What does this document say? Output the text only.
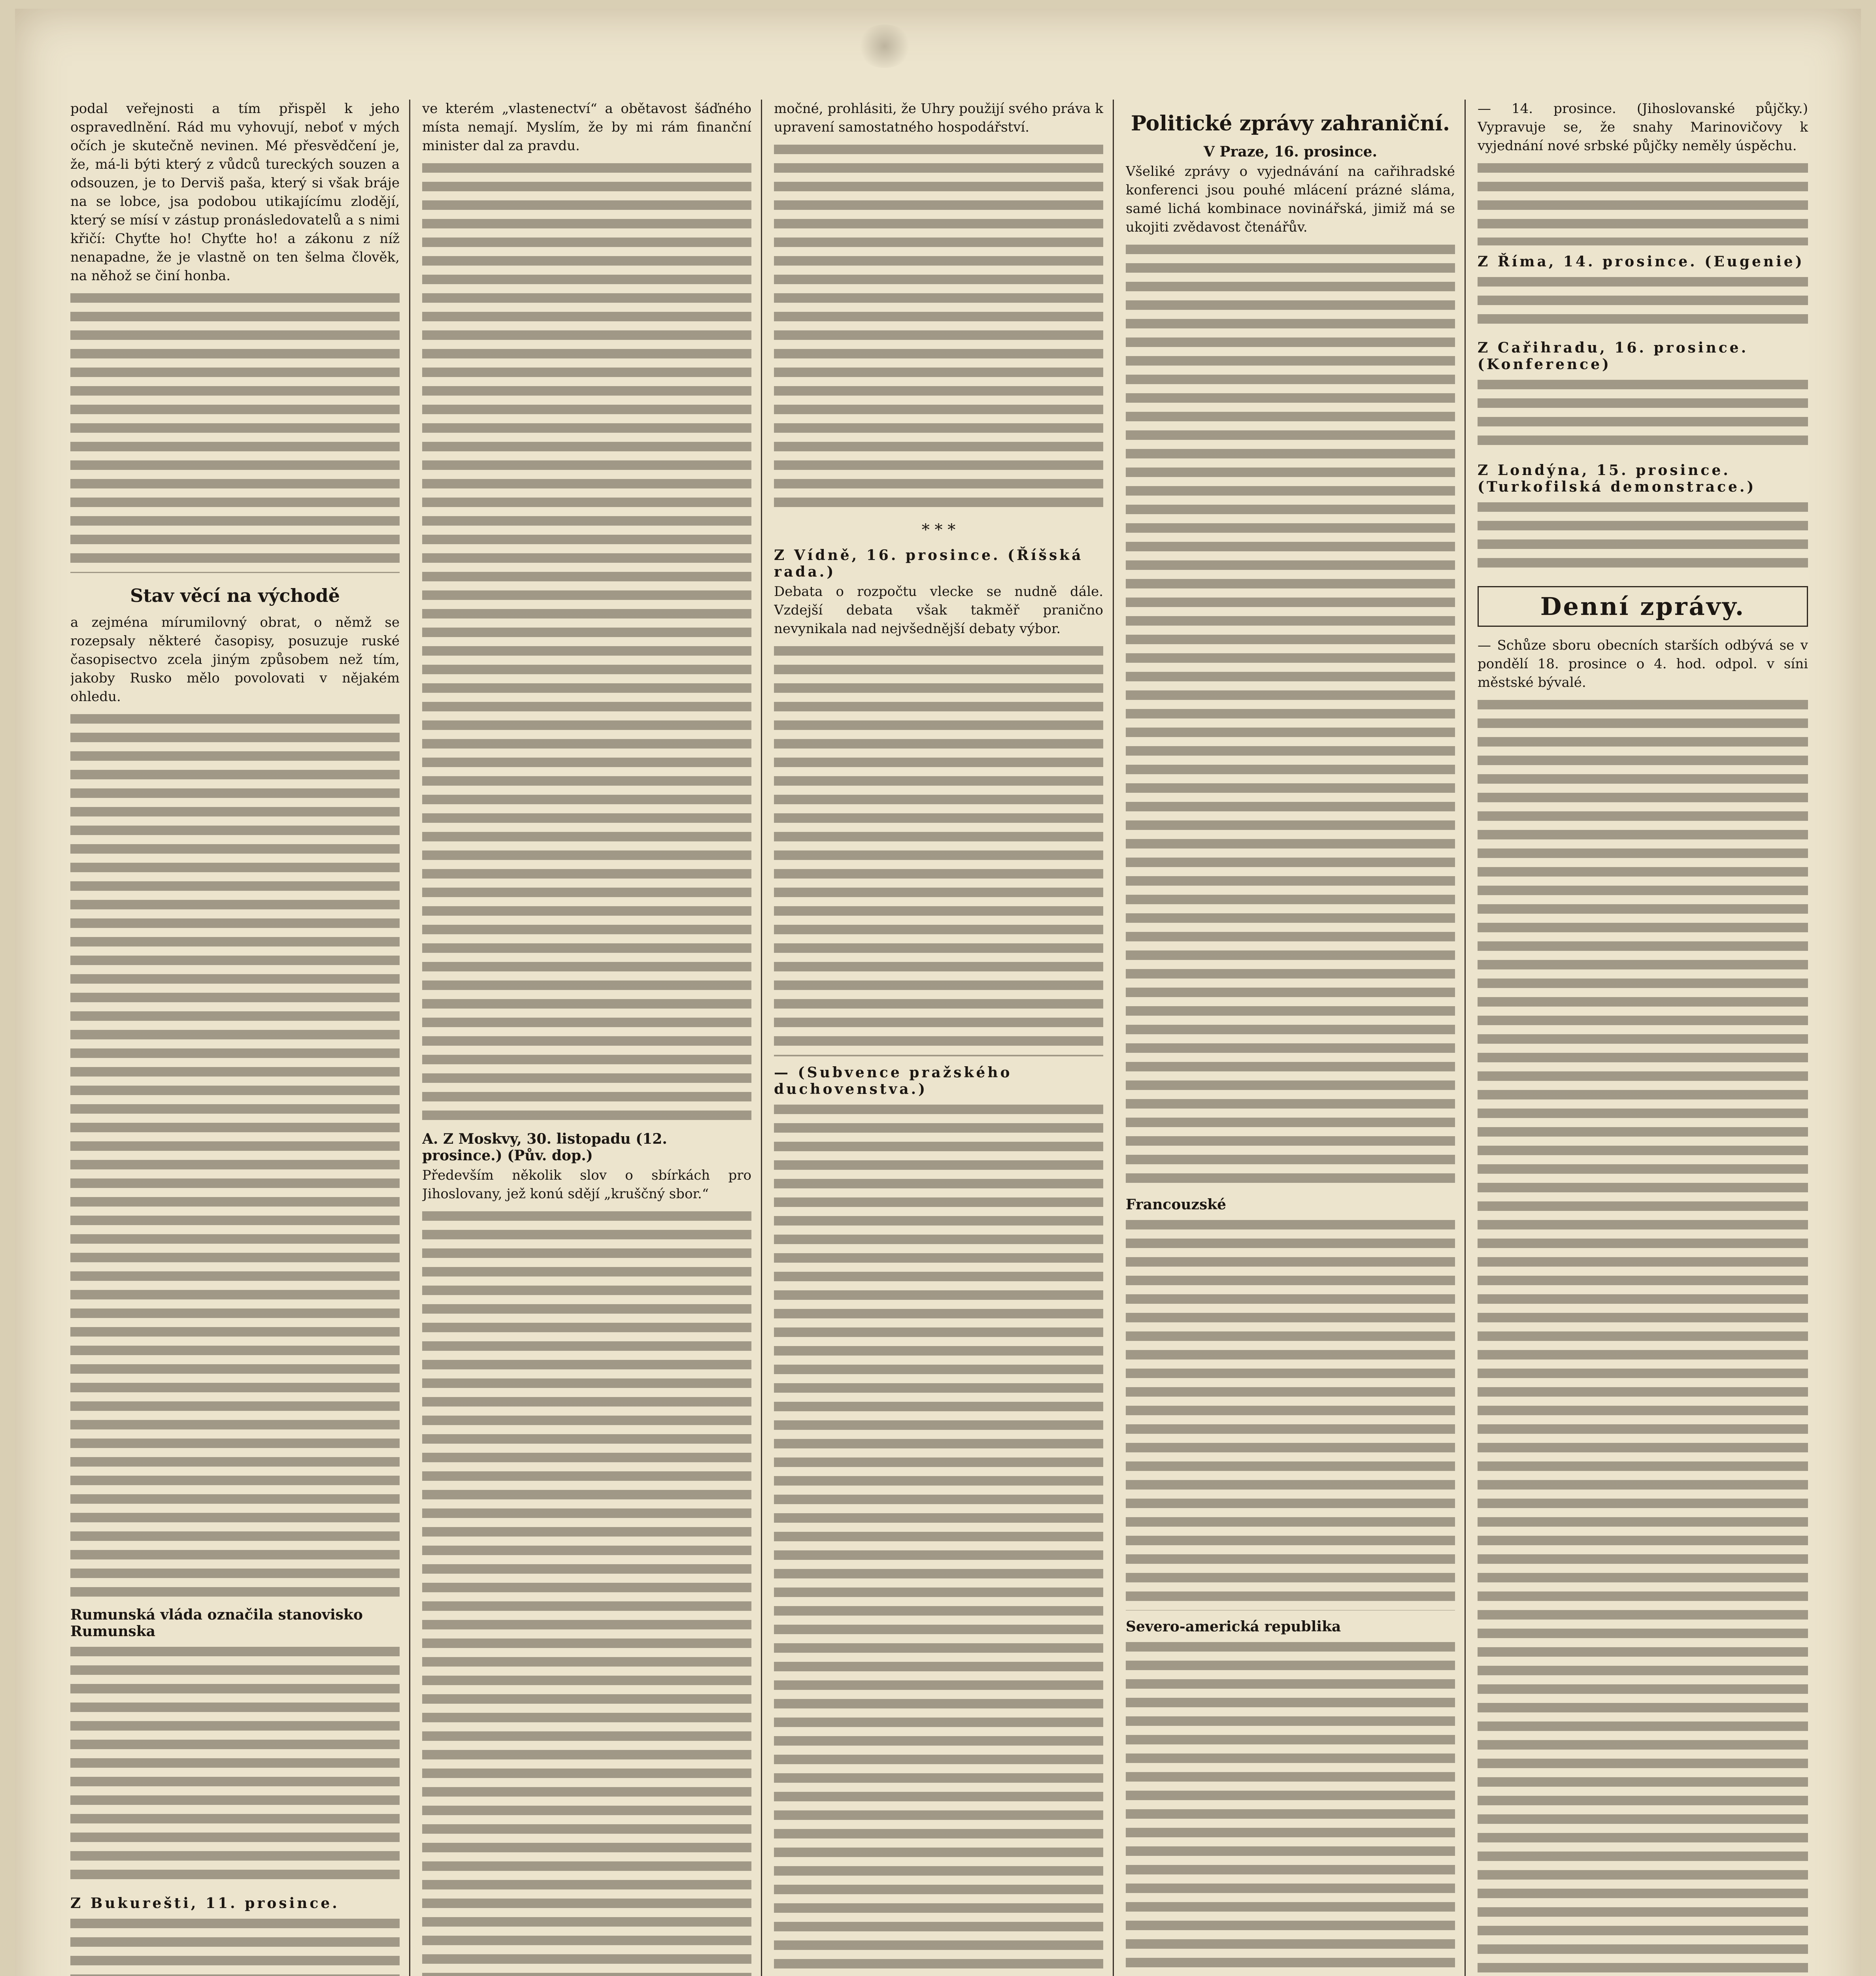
podal veřejnosti a tím přispěl k jeho ospravedlnění. Rád mu vyhovují, neboť v mých očích je skutečně nevinen. Mé přesvědčení je, že, má-li býti který z vůdců tureckých souzen a odsouzen, je to Derviš paša, který si však bráje na se lobce, jsa podobou utikajícímu zlodějí, který se mísí v zástup pronásledovatelů a s nimi křičí: Chyťte ho! Chyťte ho! a zákonu z níž nenapadne, že je vlastně on ten šelma člověk, na něhož se činí honba.

Stav věcí na východě

a zejména mírumilovný obrat, o němž se rozepsaly některé časopisy, posuzuje ruské časopisectvo zcela jiným způsobem než tím, jakoby Rusko mělo povolovati v nějakém ohledu.

Rumunská vláda označila stanovisko Rumunska
Z Bukurešti, 11. prosince.

ve kterém „vlastenectví“ a obětavost šáďného místa nemají. Myslím, že by mi rám finanční minister dal za pravdu.

A. Z Moskvy, 30. listopadu (12. prosince.) (Pův. dop.)

Především několik slov o sbírkách pro Jihoslovany, jež konú sdějí „kruščný sbor.“

močné, prohlásiti, že Uhry použijí svého práva k upravení samostatného hospodářství.

* * *
Z Vídně, 16. prosince. (Říšská rada.)

Debata o rozpočtu vlecke se nudně dále. Vzdejší debata však takměř pranično nevynikala nad nejvšednější debaty výbor.

— (Subvence pražského duchovenstva.)
Politické zprávy zahraniční.
V Praze, 16. prosince.

Všeliké zprávy o vyjednávání na cařihradské konferenci jsou pouhé mlácení prázné sláma, samé lichá kombinace novinářská, jimiž má se ukojiti zvědavost čtenářův.

Francouzské
Severo-americká republika

— 14. prosince. (Jihoslovanské půjčky.) Vypravuje se, že snahy Marinovičovy k vyjednání nové srbské půjčky neměly úspěchu.

Z Říma, 14. prosince. (Eugenie)
Z Cařihradu, 16. prosince. (Konference)
Z Londýna, 15. prosince. (Turkofilská demonstrace.)
Denní zprávy.

— Schůze sboru obecních starších odbývá se v pondělí 18. prosince o 4. hod. odpol. v síni městské bývalé.
